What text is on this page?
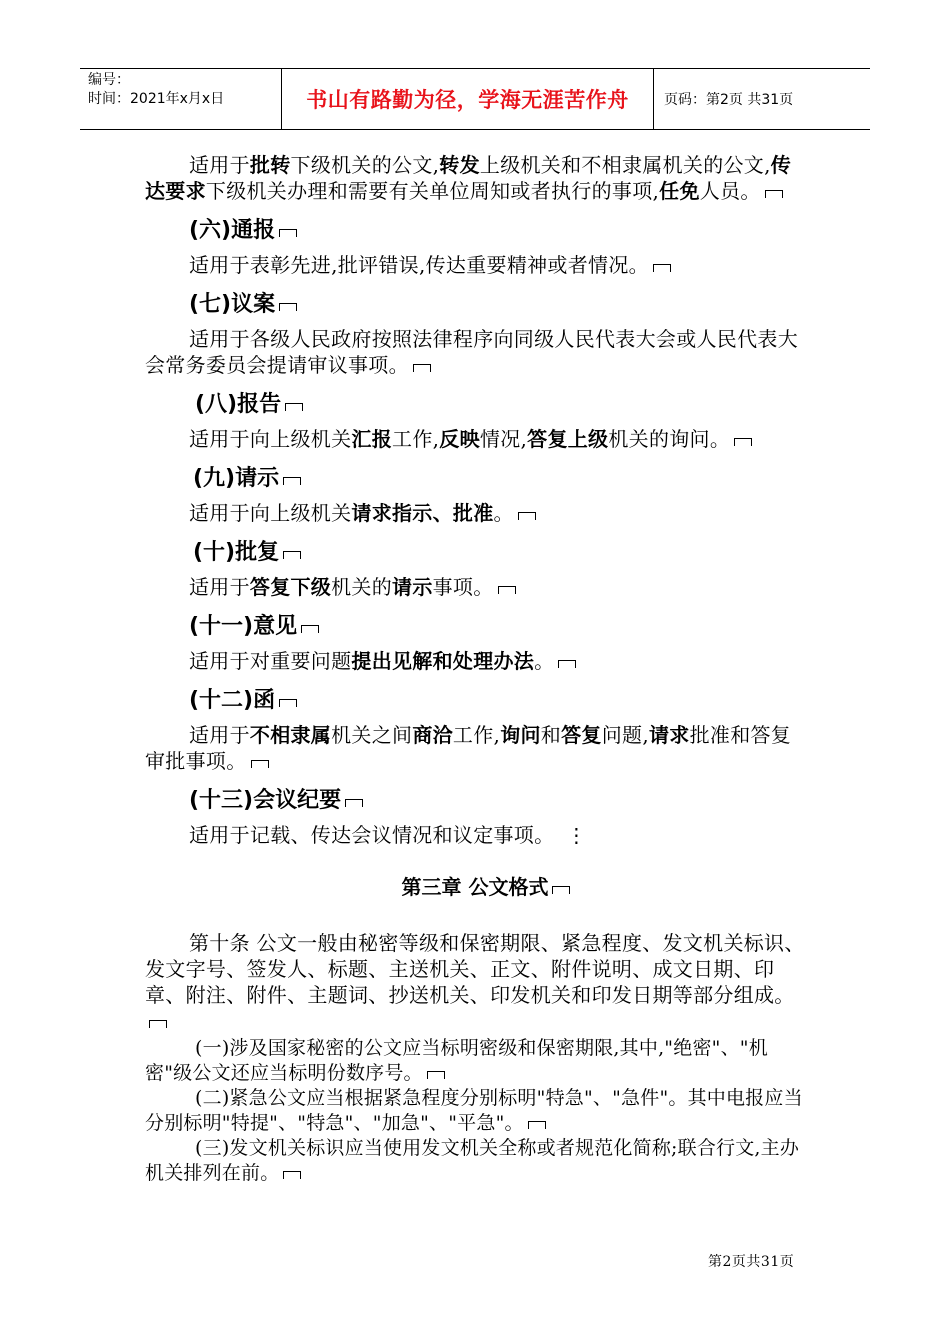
编号：
时间：2021年x月x日	书山有路勤为径，学海无涯苦作舟	页码：第2页 共31页

适用于批转下级机关的公文,转发上级机关和不相隶属机关的公文,传达要求下级机关办理和需要有关单位周知或者执行的事项,任免人员。

(六)通报

适用于表彰先进,批评错误,传达重要精神或者情况。

(七)议案

适用于各级人民政府按照法律程序向同级人民代表大会或人民代表大会常务委员会提请审议事项。

(八)报告

适用于向上级机关汇报工作,反映情况,答复上级机关的询问。

(九)请示

适用于向上级机关请求指示、批准。

(十)批复

适用于答复下级机关的请示事项。

(十一)意见

适用于对重要问题提出见解和处理办法。

(十二)函

适用于不相隶属机关之间商洽工作,询问和答复问题,请求批准和答复审批事项。

(十三)会议纪要

适用于记载、传达会议情况和议定事项。 ⋮

第三章 公文格式

第十条 公文一般由秘密等级和保密期限、紧急程度、发文机关标识、发文字号、签发人、标题、主送机关、正文、附件说明、成文日期、印章、附注、附件、主题词、抄送机关、印发机关和印发日期等部分组成。

(一)涉及国家秘密的公文应当标明密级和保密期限,其中,"绝密"、"机密"级公文还应当标明份数序号。

(二)紧急公文应当根据紧急程度分别标明"特急"、"急件"。其中电报应当分别标明"特提"、"特急"、"加急"、"平急"。

(三)发文机关标识应当使用发文机关全称或者规范化简称;联合行文,主办机关排列在前。

第2页共31页
